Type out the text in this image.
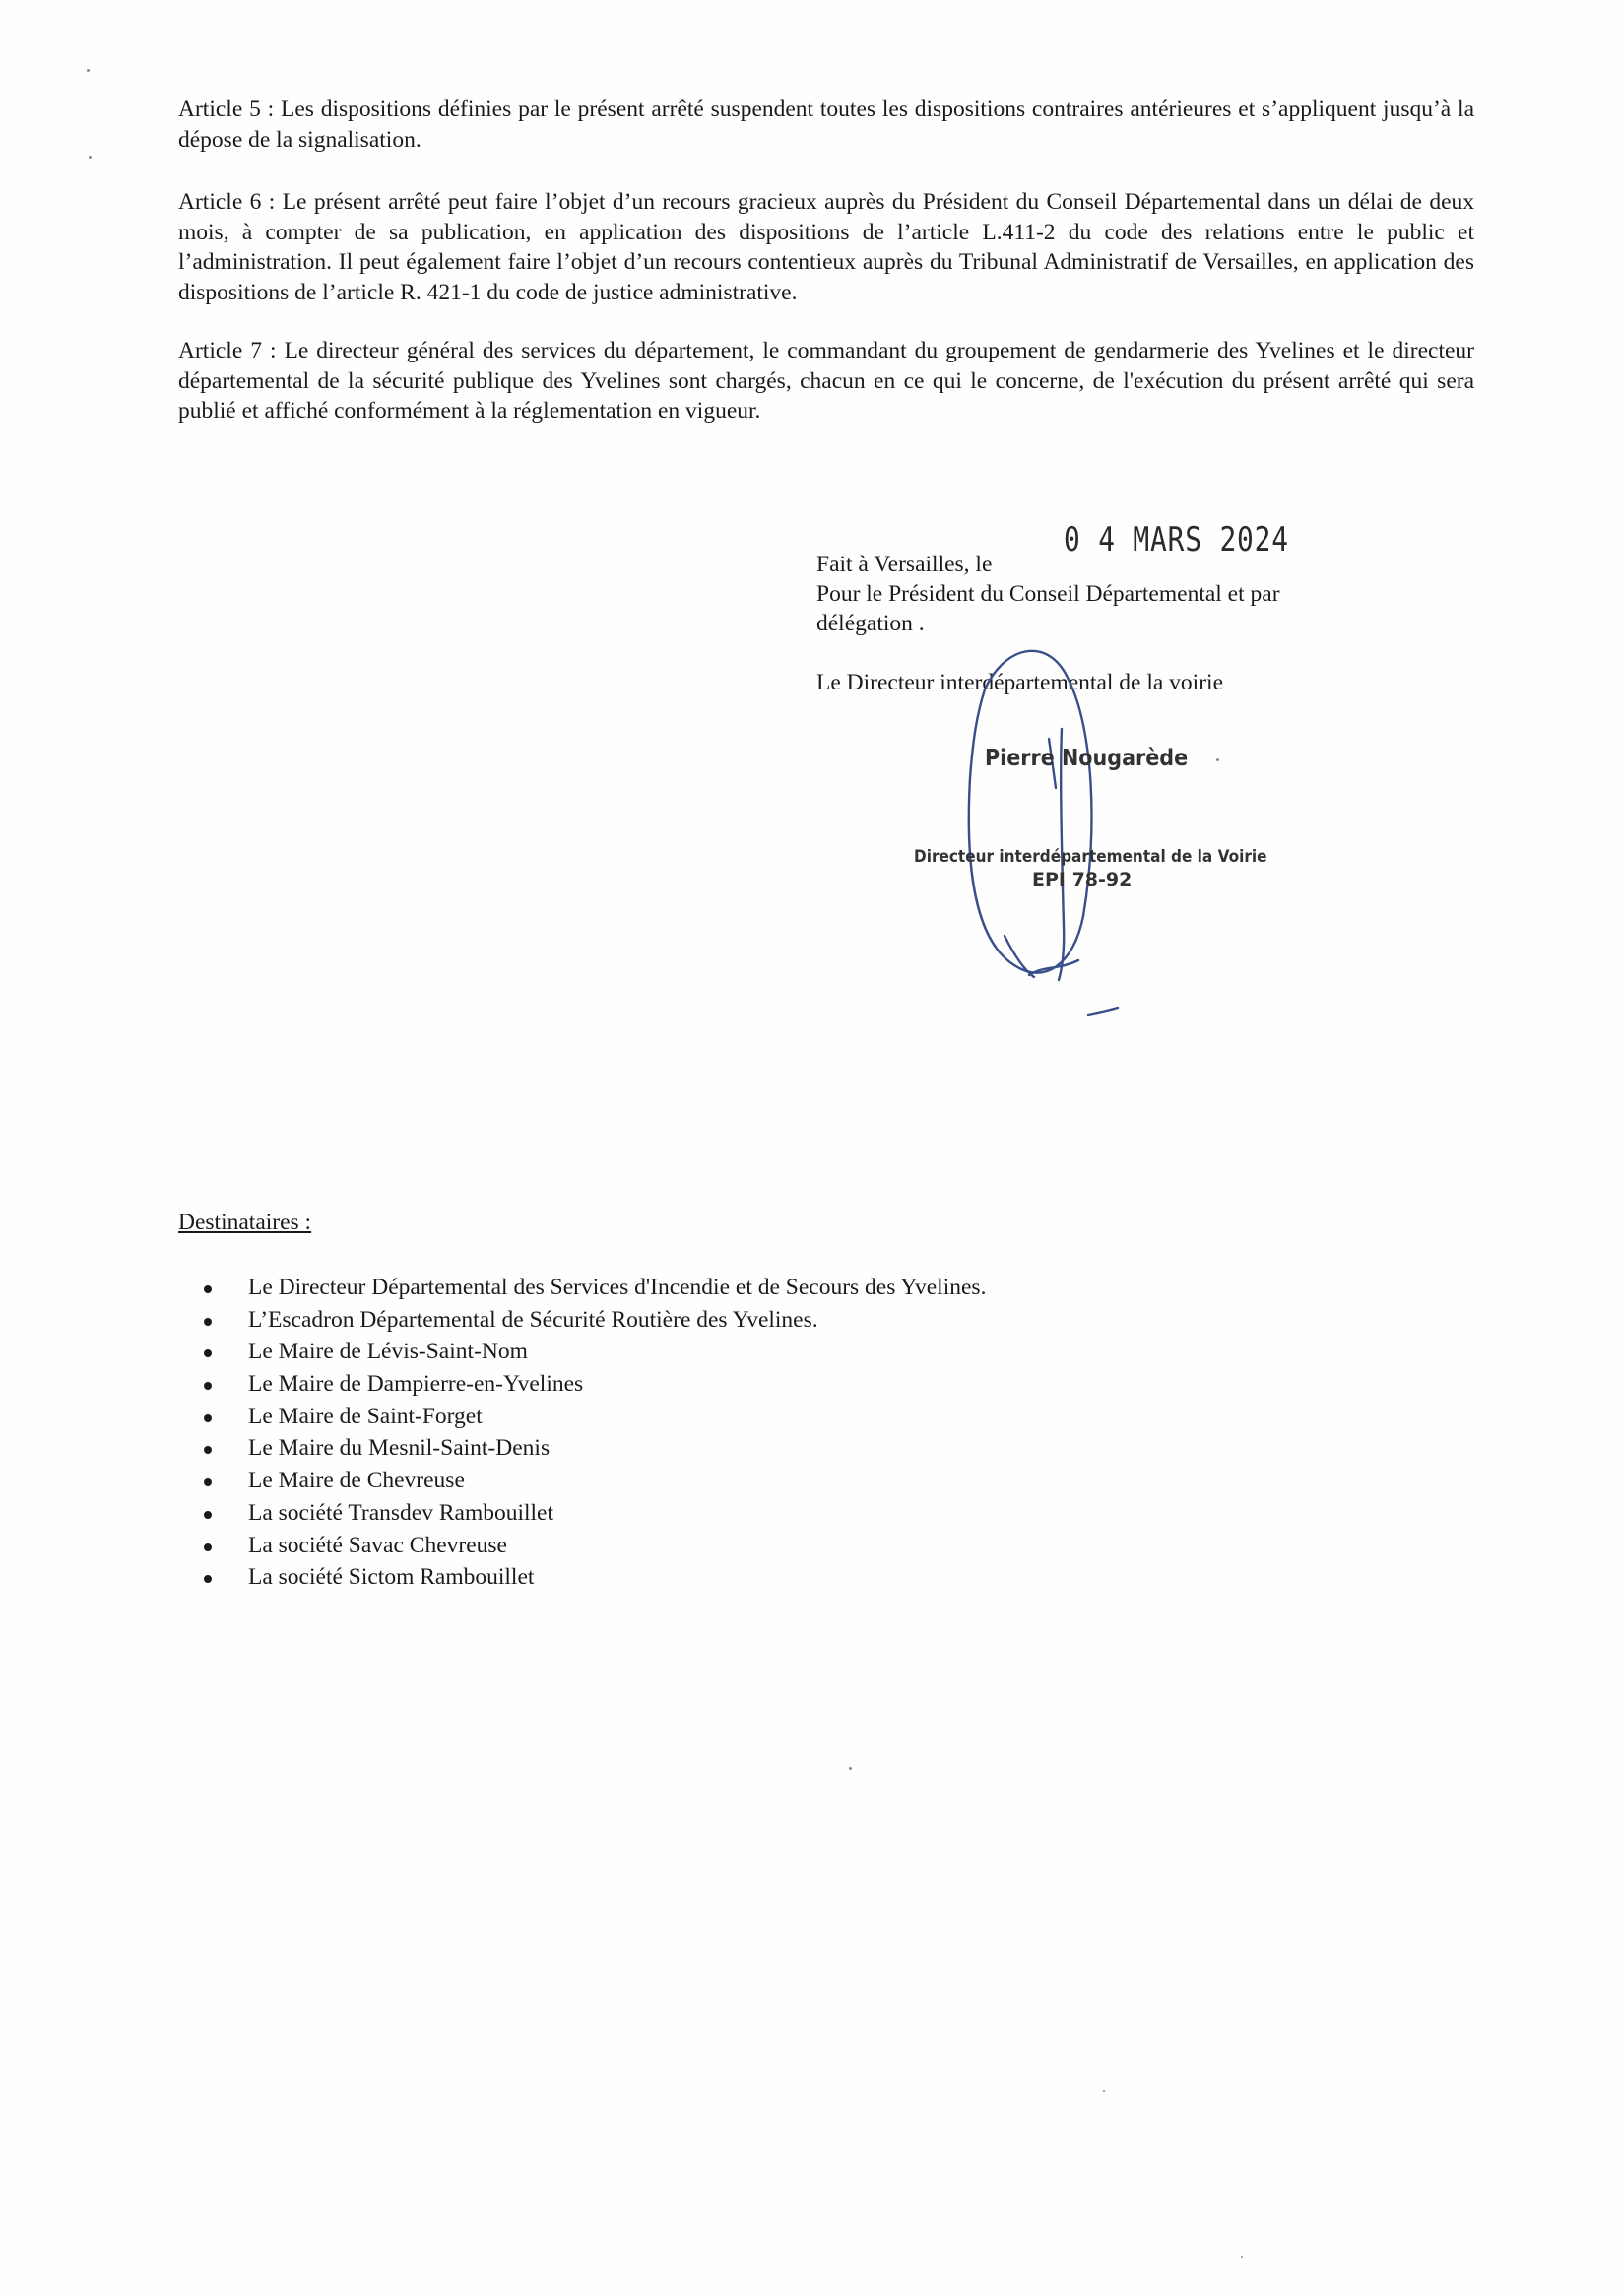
Article 5 : Les dispositions définies par le présent arrêté suspendent toutes les dispositions contraires antérieures et s’appliquent jusqu’à la dépose de la signalisation.

Article 6 : Le présent arrêté peut faire l’objet d’un recours gracieux auprès du Président du Conseil Départemental dans un délai de deux mois, à compter de sa publication, en application des dispositions de l’article L.411-2 du code des relations entre le public et l’administration. Il peut également faire l’objet d’un recours contentieux auprès du Tribunal Administratif de Versailles, en application des dispositions de l’article R. 421-1 du code de justice administrative.

Article 7 : Le directeur général des services du département, le commandant du groupement de gendarmerie des Yvelines et le directeur départemental de la sécurité publique des Yvelines sont chargés, chacun en ce qui le concerne, de l'exécution du présent arrêté qui sera publié et affiché conformément à la réglementation en vigueur.

Fait à Versailles, le
Pour le Président du Conseil Départemental et par
délégation .
Le Directeur interdépartemental de la voirie
0 4 MARS 2024
Pierre Nougarède
Directeur interdépartemental de la Voirie
EPI 78-92
Destinataires :
Le Directeur Départemental des Services d'Incendie et de Secours des Yvelines.
L’Escadron Départemental de Sécurité Routière des Yvelines.
Le Maire de Lévis-Saint-Nom
Le Maire de Dampierre-en-Yvelines
Le Maire de Saint-Forget
Le Maire du Mesnil-Saint-Denis
Le Maire de Chevreuse
La société Transdev Rambouillet
La société Savac Chevreuse
La société Sictom Rambouillet
